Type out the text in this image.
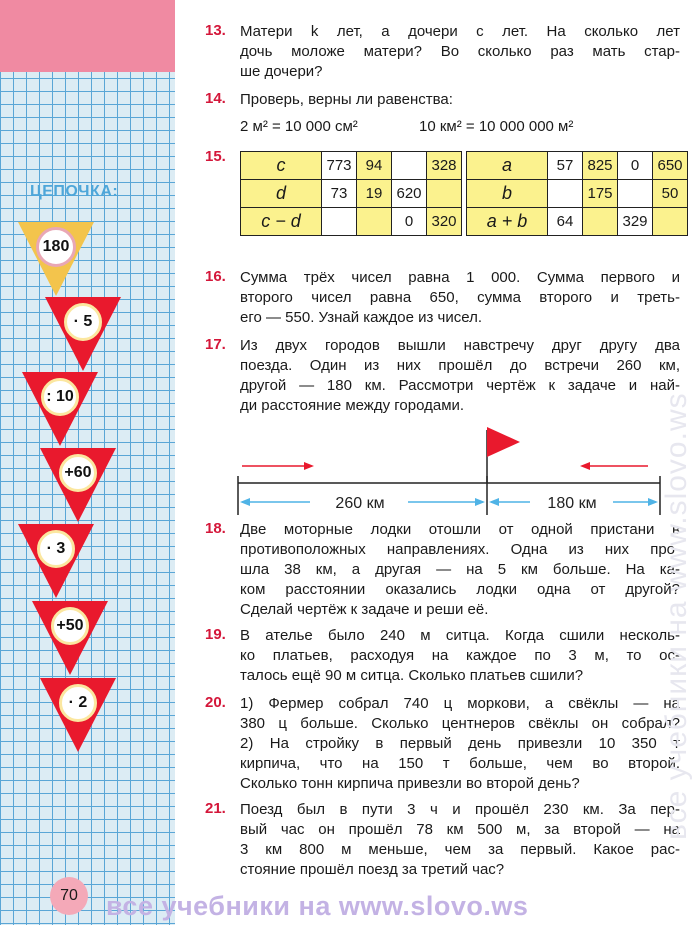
ЦЕПОЧКА:
180
· 5
: 10
+60
· 3
+50
· 2
70
13. Матери k лет, а дочери c лет. На сколько лет
дочь моложе матери? Во сколько раз мать стар-
ше дочери?
14. Проверь, верны ли равенства:
2 м² = 10 000 см²	10 км² = 10 000 000 м²
15.	c	773	94		328
d	73	19	620	
c − d			0	320
a	57	825	0	650
b		175		50
a + b	64		329	
16. Сумма трёх чисел равна 1 000. Сумма первого и
второго чисел равна 650, сумма второго и треть-
его — 550. Узнай каждое из чисел.
17. Из двух городов вышли навстречу друг другу два
поезда. Один из них прошёл до встречи 260 км,
другой — 180 км. Рассмотри чертёж к задаче и най-
ди расстояние между городами.
260 км	180 км
18. Две моторные лодки отошли от одной пристани в
противоположных направлениях. Одна из них про-
шла 38 км, а другая — на 5 км больше. На ка-
ком расстоянии оказались лодки одна от другой?
Сделай чертёж к задаче и реши её.
19. В ателье было 240 м ситца. Когда сшили несколь-
ко платьев, расходуя на каждое по 3 м, то ос-
талось ещё 90 м ситца. Сколько платьев сшили?
20. 1) Фермер собрал 740 ц моркови, а свёклы — на
380 ц больше. Сколько центнеров свёклы он собрал?
2) На стройку в первый день привезли 10 350 т
кирпича, что на 150 т больше, чем во второй.
Сколько тонн кирпича привезли во второй день?
21. Поезд был в пути 3 ч и прошёл 230 км. За пер-
вый час он прошёл 78 км 500 м, за второй — на
3 км 800 м меньше, чем за первый. Какое рас-
стояние прошёл поезд за третий час?
все учебники на www.slovo.ws
все учебники на www.slovo.ws
